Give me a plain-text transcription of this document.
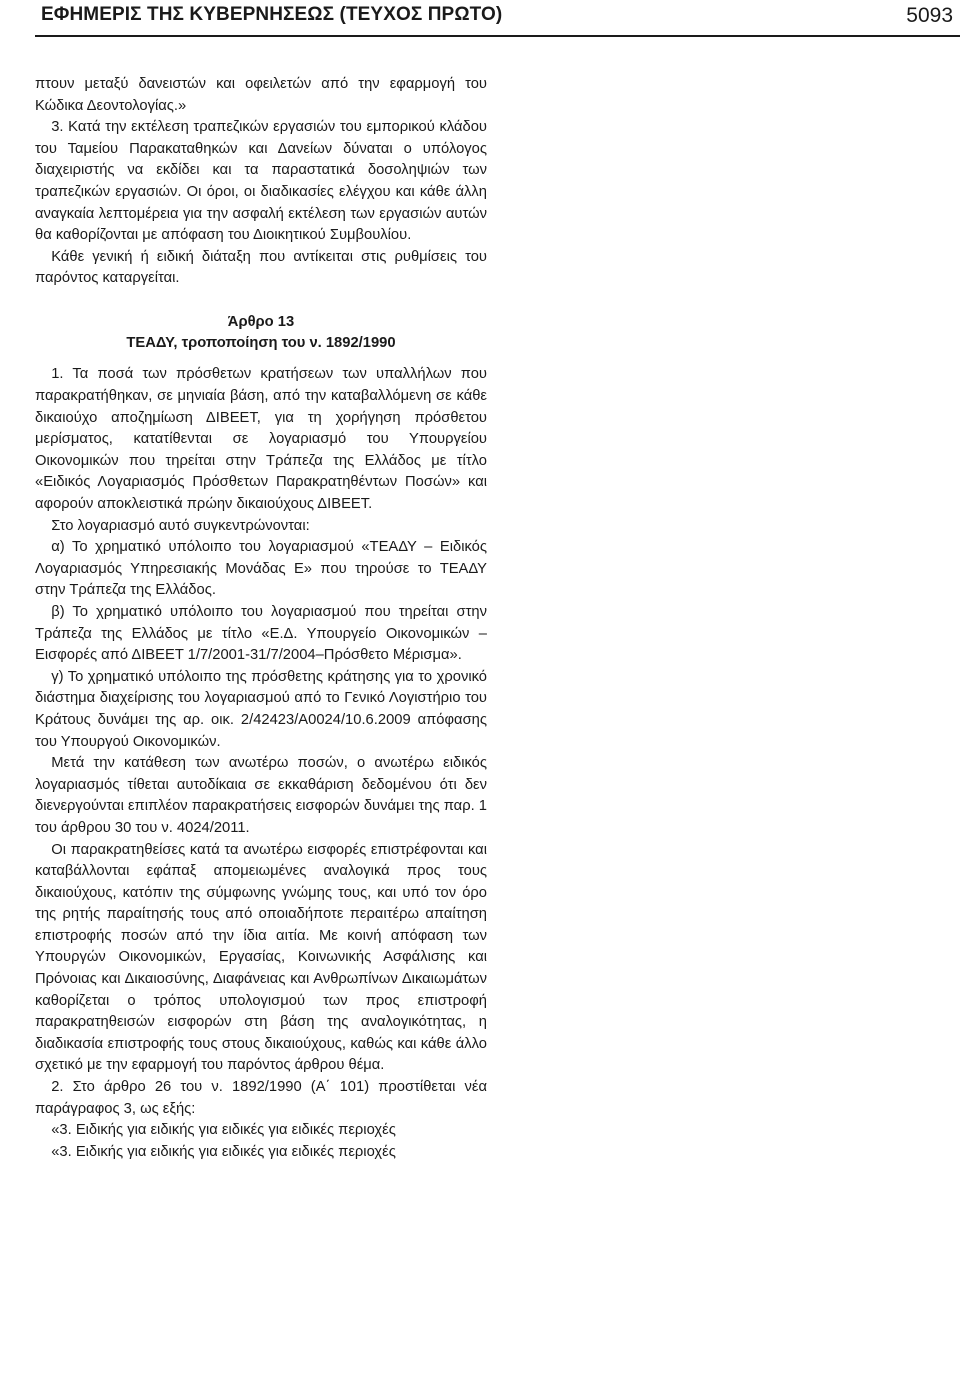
ΕΦΗΜΕΡΙΣ ΤΗΣ ΚΥΒΕΡΝΗΣΕΩΣ (ΤΕΥΧΟΣ ΠΡΩΤΟ)	5093

πτουν μεταξύ δανειστών και οφειλετών από την εφαρμογή του Κώδικα Δεοντολογίας.»

3. Κατά την εκτέλεση τραπεζικών εργασιών του εμπορικού κλάδου του Ταμείου Παρακαταθηκών και Δανείων δύναται ο υπόλογος διαχειριστής να εκδίδει και τα παραστατικά δοσοληψιών των τραπεζικών εργασιών. Οι όροι, οι διαδικασίες ελέγχου και κάθε άλλη αναγκαία λεπτομέρεια για την ασφαλή εκτέλεση των εργασιών αυτών θα καθορίζονται με απόφαση του Διοικητικού Συμβουλίου.

Κάθε γενική ή ειδική διάταξη που αντίκειται στις ρυθμίσεις του παρόντος καταργείται.

Άρθρο 13
ΤΕΑΔΥ, τροποποίηση του ν. 1892/1990

1. Τα ποσά των πρόσθετων κρατήσεων των υπαλλήλων που παρακρατήθηκαν, σε μηνιαία βάση, από την καταβαλλόμενη σε κάθε δικαιούχο αποζημίωση ΔΙΒΕΕΤ, για τη χορήγηση πρόσθετου μερίσματος, κατατίθενται σε λογαριασμό του Υπουργείου Οικονομικών που τηρείται στην Τράπεζα της Ελλάδος με τίτλο «Ειδικός Λογαριασμός Πρόσθετων Παρακρατηθέντων Ποσών» και αφορούν αποκλειστικά πρώην δικαιούχους ΔΙΒΕΕΤ.

Στο λογαριασμό αυτό συγκεντρώνονται:

α) Το χρηματικό υπόλοιπο του λογαριασμού «ΤΕΑΔΥ – Ειδικός Λογαριασμός Υπηρεσιακής Μονάδας Ε» που τηρούσε το ΤΕΑΔΥ στην Τράπεζα της Ελλάδος.

β) Το χρηματικό υπόλοιπο του λογαριασμού που τηρείται στην Τράπεζα της Ελλάδος με τίτλο «Ε.Δ. Υπουργείο Οικονομικών – Εισφορές από ΔΙΒΕΕΤ 1/7/2001-31/7/2004–Πρόσθετο Μέρισμα».

γ) Το χρηματικό υπόλοιπο της πρόσθετης κράτησης για το χρονικό διάστημα διαχείρισης του λογαριασμού από το Γενικό Λογιστήριο του Κράτους δυνάμει της αρ. οικ. 2/42423/Α0024/10.6.2009 απόφασης του Υπουργού Οικονομικών.

Μετά την κατάθεση των ανωτέρω ποσών, ο ανωτέρω ειδικός λογαριασμός τίθεται αυτοδίκαια σε εκκαθάριση δεδομένου ότι δεν διενεργούνται επιπλέον παρακρατήσεις εισφορών δυνάμει της παρ. 1 του άρθρου 30 του ν. 4024/2011.

Οι παρακρατηθείσες κατά τα ανωτέρω εισφορές επιστρέφονται και καταβάλλονται εφάπαξ απομειωμένες αναλογικά προς τους δικαιούχους, κατόπιν της σύμφωνης γνώμης τους, και υπό τον όρο της ρητής παραίτησής τους από οποιαδήποτε περαιτέρω απαίτηση επιστροφής ποσών από την ίδια αιτία. Με κοινή απόφαση των Υπουργών Οικονομικών, Εργασίας, Κοινωνικής Ασφάλισης και Πρόνοιας και Δικαιοσύνης, Διαφάνειας και Ανθρωπίνων Δικαιωμάτων καθορίζεται ο τρόπος υπολογισμού των προς επιστροφή παρακρατηθεισών εισφορών στη βάση της αναλογικότητας, η διαδικασία επιστροφής τους στους δικαιούχους, καθώς και κάθε άλλο σχετικό με την εφαρμογή του παρόντος άρθρου θέμα.

2. Στο άρθρο 26 του ν. 1892/1990 (Α΄ 101) προστίθεται νέα παράγραφος 3, ως εξής:

«3. Ειδικής για ειδικής για ειδικές για ειδικές περιοχές

«3. Ειδικής για ειδικής για ειδικές για ειδικές περιοχές
